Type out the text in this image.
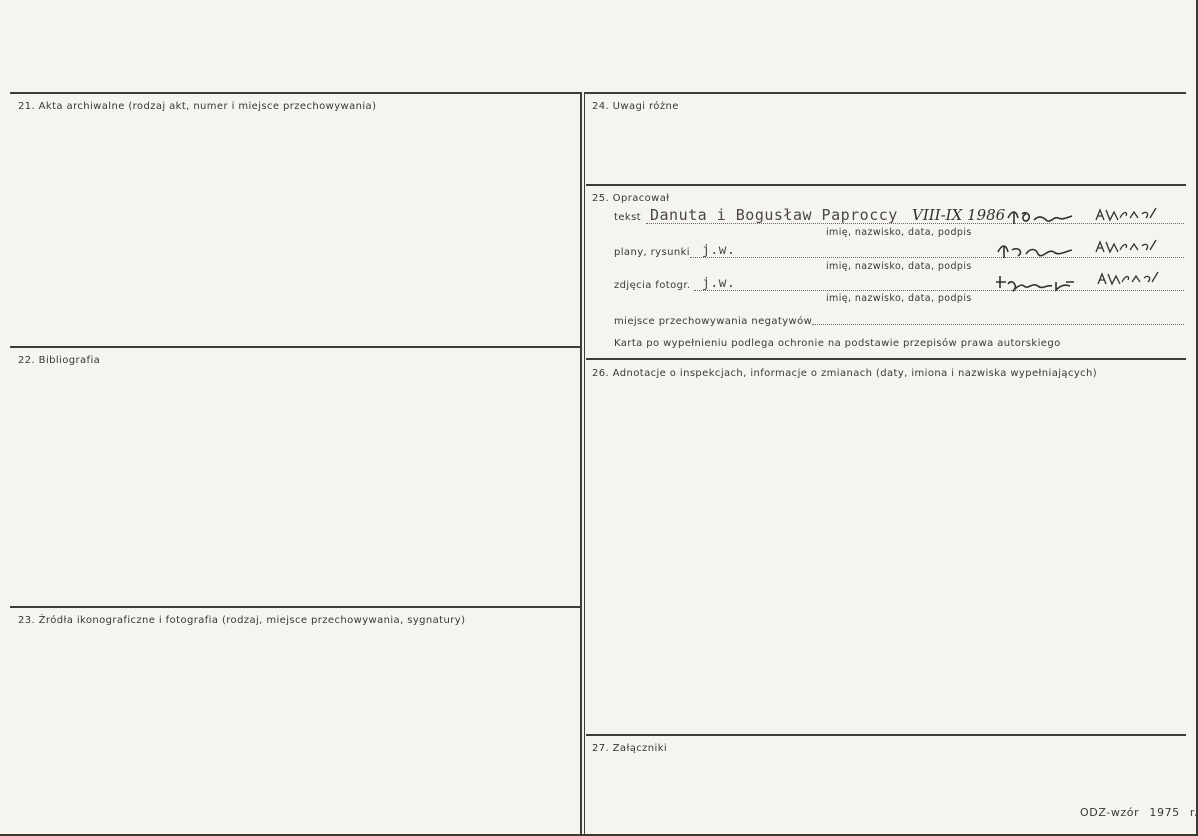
21. Akta archiwalne (rodzaj akt, numer i miejsce przechowywania)
22. Bibliografia
23. Źródła ikonograficzne i fotografia (rodzaj, miejsce przechowywania, sygnatury)
24. Uwagi różne
25. Opracował
26. Adnotacje o inspekcjach, informacje o zmianach (daty, imiona i nazwiska wypełniających)
27. Załączniki
tekst Danuta i Bogusław Paproccy VIII-IX 1986
imię, nazwisko, data, podpis
plany, rysunki j.w.
imię, nazwisko, data, podpis
zdjęcia fotogr. j.w.
imię, nazwisko, data, podpis
miejsce przechowywania negatywów
Karta po wypełnieniu podlega ochronie na podstawie przepisów prawa autorskiego
ODZ-wzór 1975 r.
